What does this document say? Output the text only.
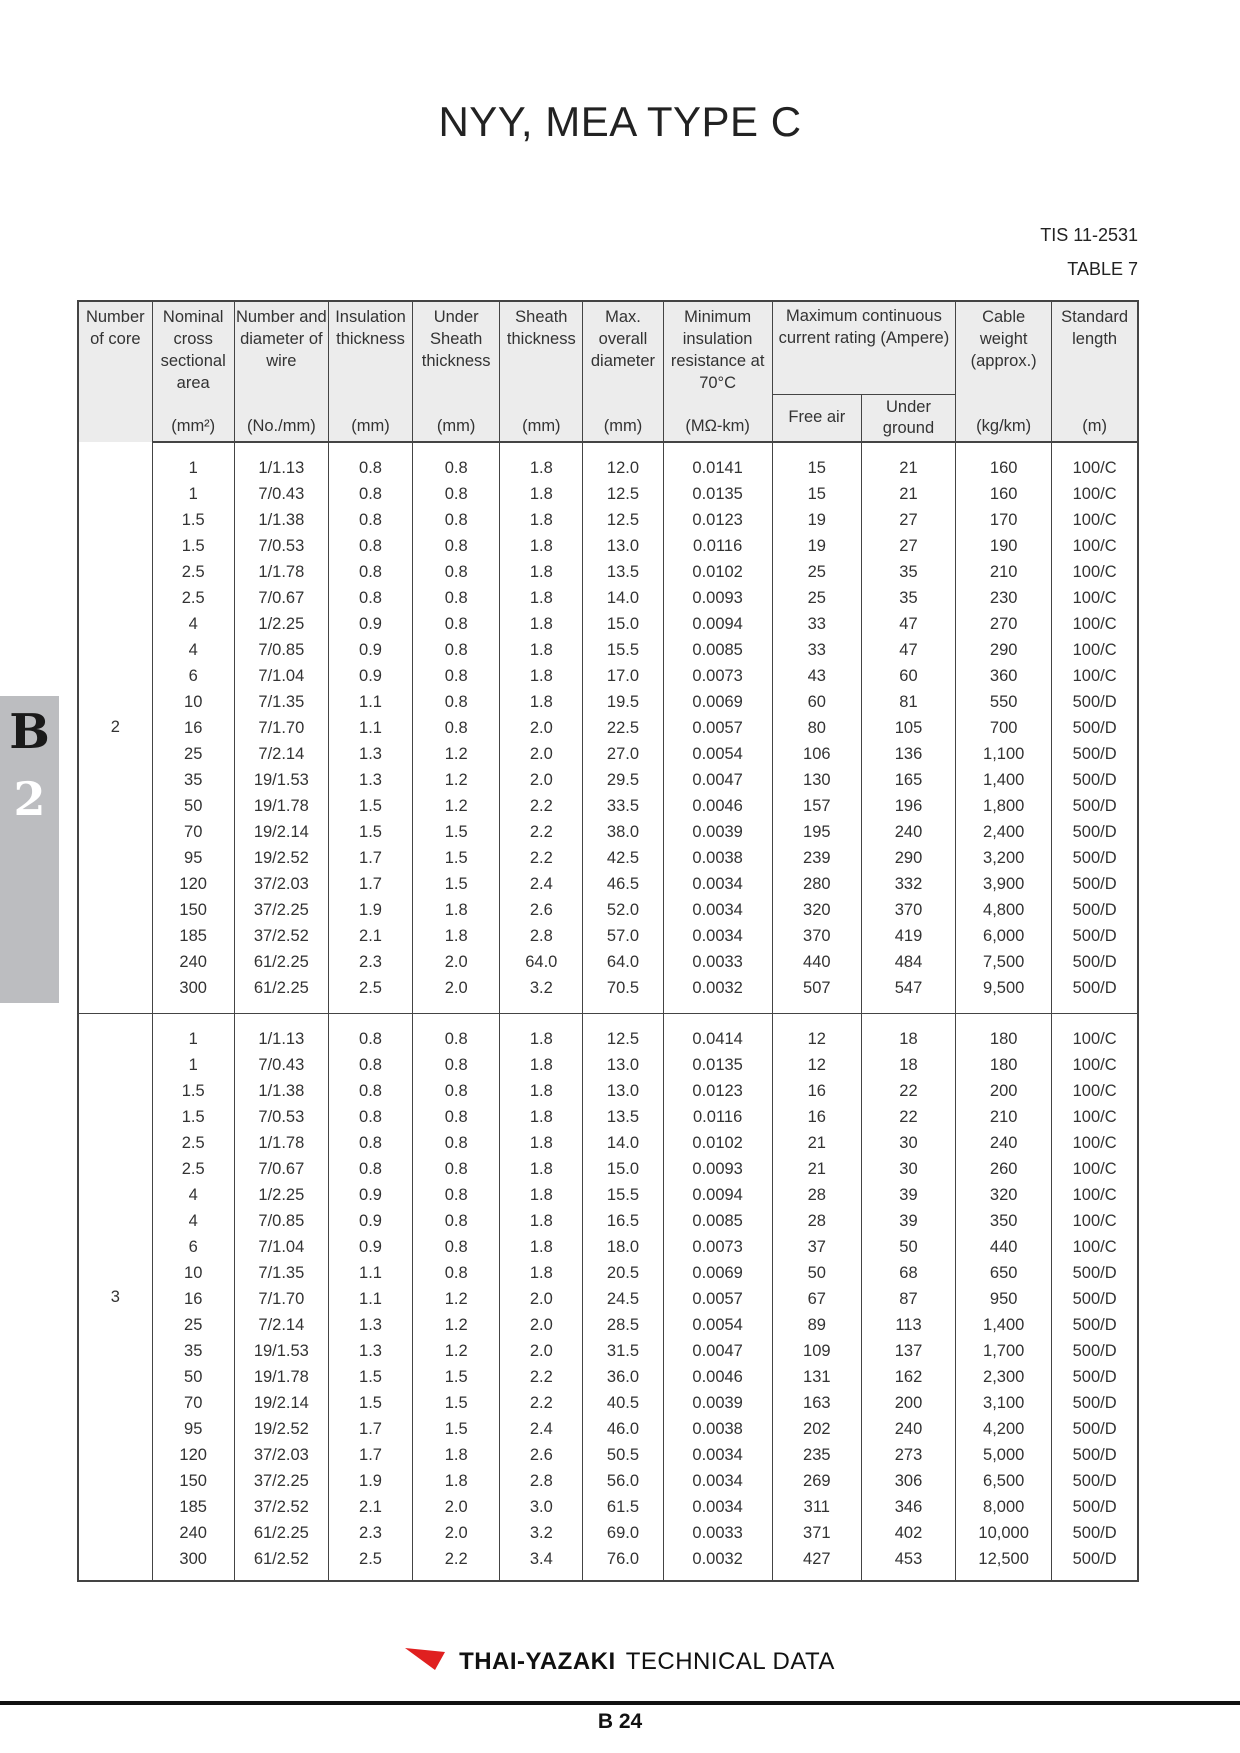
NYY, MEA TYPE C
TIS 11-2531
TABLE 7
B
2
Number of core	Nominal cross sectional area	Number and diameter of wire	Insulation thickness	Under Sheath thickness	Sheath thickness	Max. overall diameter	Minimum insulation resistance at 70°C	Maximum continuous current rating (Ampere)		Cable weight (approx.)	Standard length

	(mm²)	(No./mm)	(mm)	(mm)	(mm)	(mm)	(MΩ-km)	Free air	Under ground	(kg/km)	(m)
2											
	1	1/1.13	0.8	0.8	1.8	12.0	0.0141	15	21	160	100/C
	1	7/0.43	0.8	0.8	1.8	12.5	0.0135	15	21	160	100/C
	1.5	1/1.38	0.8	0.8	1.8	12.5	0.0123	19	27	170	100/C
	1.5	7/0.53	0.8	0.8	1.8	13.0	0.0116	19	27	190	100/C
	2.5	1/1.78	0.8	0.8	1.8	13.5	0.0102	25	35	210	100/C
	2.5	7/0.67	0.8	0.8	1.8	14.0	0.0093	25	35	230	100/C
	4	1/2.25	0.9	0.8	1.8	15.0	0.0094	33	47	270	100/C
	4	7/0.85	0.9	0.8	1.8	15.5	0.0085	33	47	290	100/C
	6	7/1.04	0.9	0.8	1.8	17.0	0.0073	43	60	360	100/C
	10	7/1.35	1.1	0.8	1.8	19.5	0.0069	60	81	550	500/D
	16	7/1.70	1.1	0.8	2.0	22.5	0.0057	80	105	700	500/D
	25	7/2.14	1.3	1.2	2.0	27.0	0.0054	106	136	1,100	500/D
	35	19/1.53	1.3	1.2	2.0	29.5	0.0047	130	165	1,400	500/D
	50	19/1.78	1.5	1.2	2.2	33.5	0.0046	157	196	1,800	500/D
	70	19/2.14	1.5	1.5	2.2	38.0	0.0039	195	240	2,400	500/D
	95	19/2.52	1.7	1.5	2.2	42.5	0.0038	239	290	3,200	500/D
	120	37/2.03	1.7	1.5	2.4	46.5	0.0034	280	332	3,900	500/D
	150	37/2.25	1.9	1.8	2.6	52.0	0.0034	320	370	4,800	500/D
	185	37/2.52	2.1	1.8	2.8	57.0	0.0034	370	419	6,000	500/D
	240	61/2.25	2.3	2.0	64.0	64.0	0.0033	440	484	7,500	500/D
	300	61/2.25	2.5	2.0	3.2	70.5	0.0032	507	547	9,500	500/D

3											
	1	1/1.13	0.8	0.8	1.8	12.5	0.0414	12	18	180	100/C
	1	7/0.43	0.8	0.8	1.8	13.0	0.0135	12	18	180	100/C
	1.5	1/1.38	0.8	0.8	1.8	13.0	0.0123	16	22	200	100/C
	1.5	7/0.53	0.8	0.8	1.8	13.5	0.0116	16	22	210	100/C
	2.5	1/1.78	0.8	0.8	1.8	14.0	0.0102	21	30	240	100/C
	2.5	7/0.67	0.8	0.8	1.8	15.0	0.0093	21	30	260	100/C
	4	1/2.25	0.9	0.8	1.8	15.5	0.0094	28	39	320	100/C
	4	7/0.85	0.9	0.8	1.8	16.5	0.0085	28	39	350	100/C
	6	7/1.04	0.9	0.8	1.8	18.0	0.0073	37	50	440	100/C
	10	7/1.35	1.1	0.8	1.8	20.5	0.0069	50	68	650	500/D
	16	7/1.70	1.1	1.2	2.0	24.5	0.0057	67	87	950	500/D
	25	7/2.14	1.3	1.2	2.0	28.5	0.0054	89	113	1,400	500/D
	35	19/1.53	1.3	1.2	2.0	31.5	0.0047	109	137	1,700	500/D
	50	19/1.78	1.5	1.5	2.2	36.0	0.0046	131	162	2,300	500/D
	70	19/2.14	1.5	1.5	2.2	40.5	0.0039	163	200	3,100	500/D
	95	19/2.52	1.7	1.5	2.4	46.0	0.0038	202	240	4,200	500/D
	120	37/2.03	1.7	1.8	2.6	50.5	0.0034	235	273	5,000	500/D
	150	37/2.25	1.9	1.8	2.8	56.0	0.0034	269	306	6,500	500/D
	185	37/2.52	2.1	2.0	3.0	61.5	0.0034	311	346	8,000	500/D
	240	61/2.25	2.3	2.0	3.2	69.0	0.0033	371	402	10,000	500/D
	300	61/2.52	2.5	2.2	3.4	76.0	0.0032	427	453	12,500	500/D

THAI-YAZAKI TECHNICAL DATA
B 24
